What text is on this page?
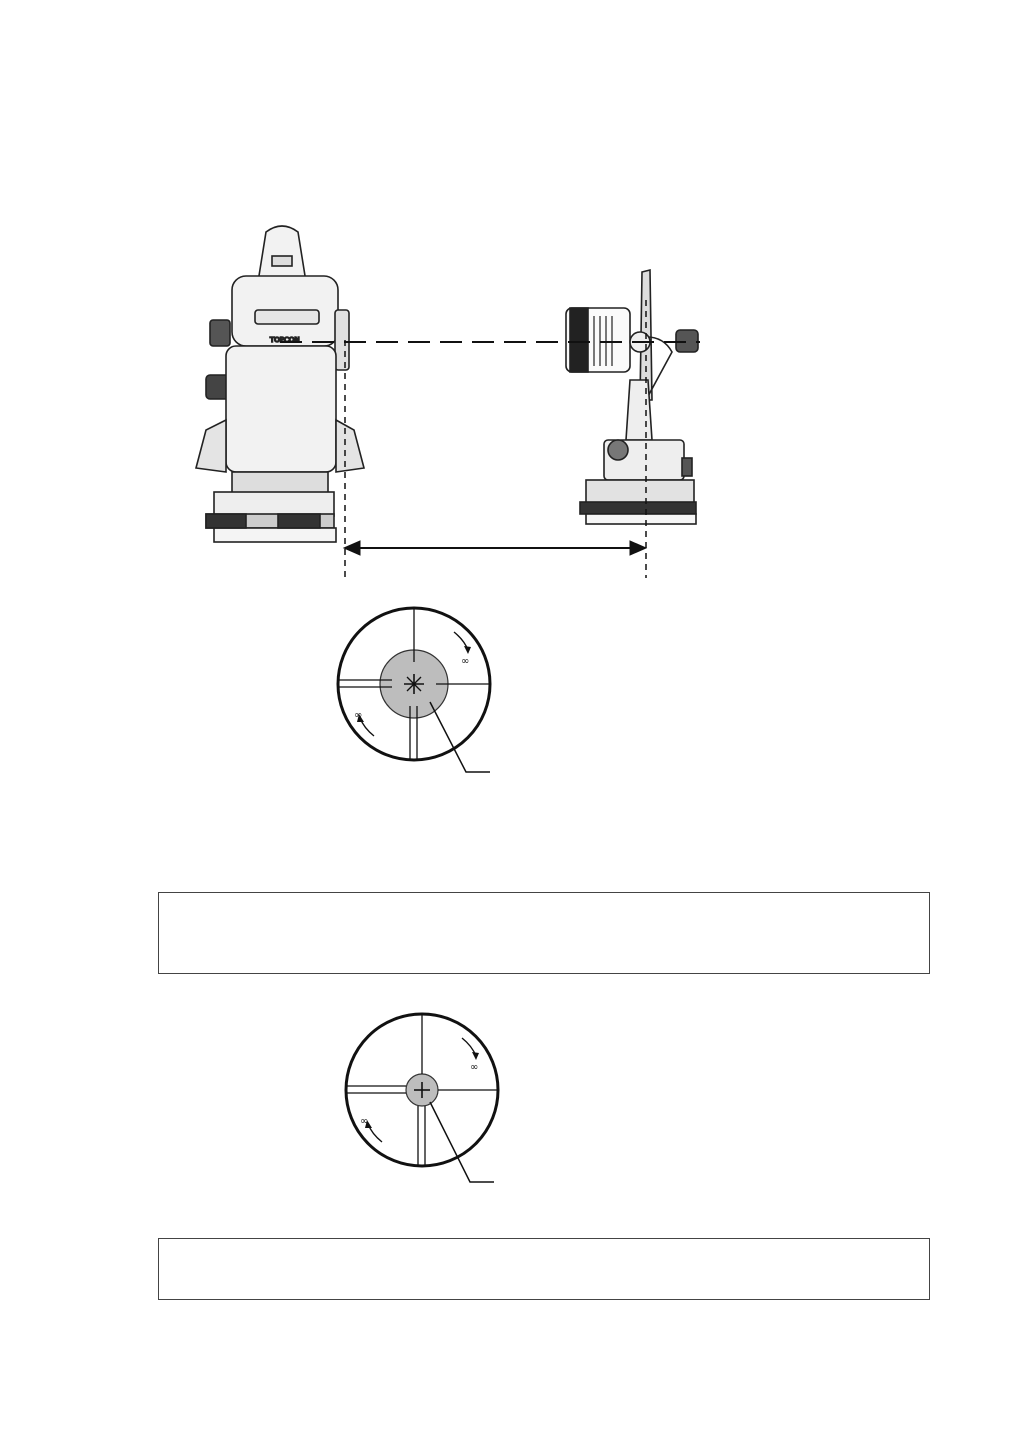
TOPCON
∞
∞
∞
∞
